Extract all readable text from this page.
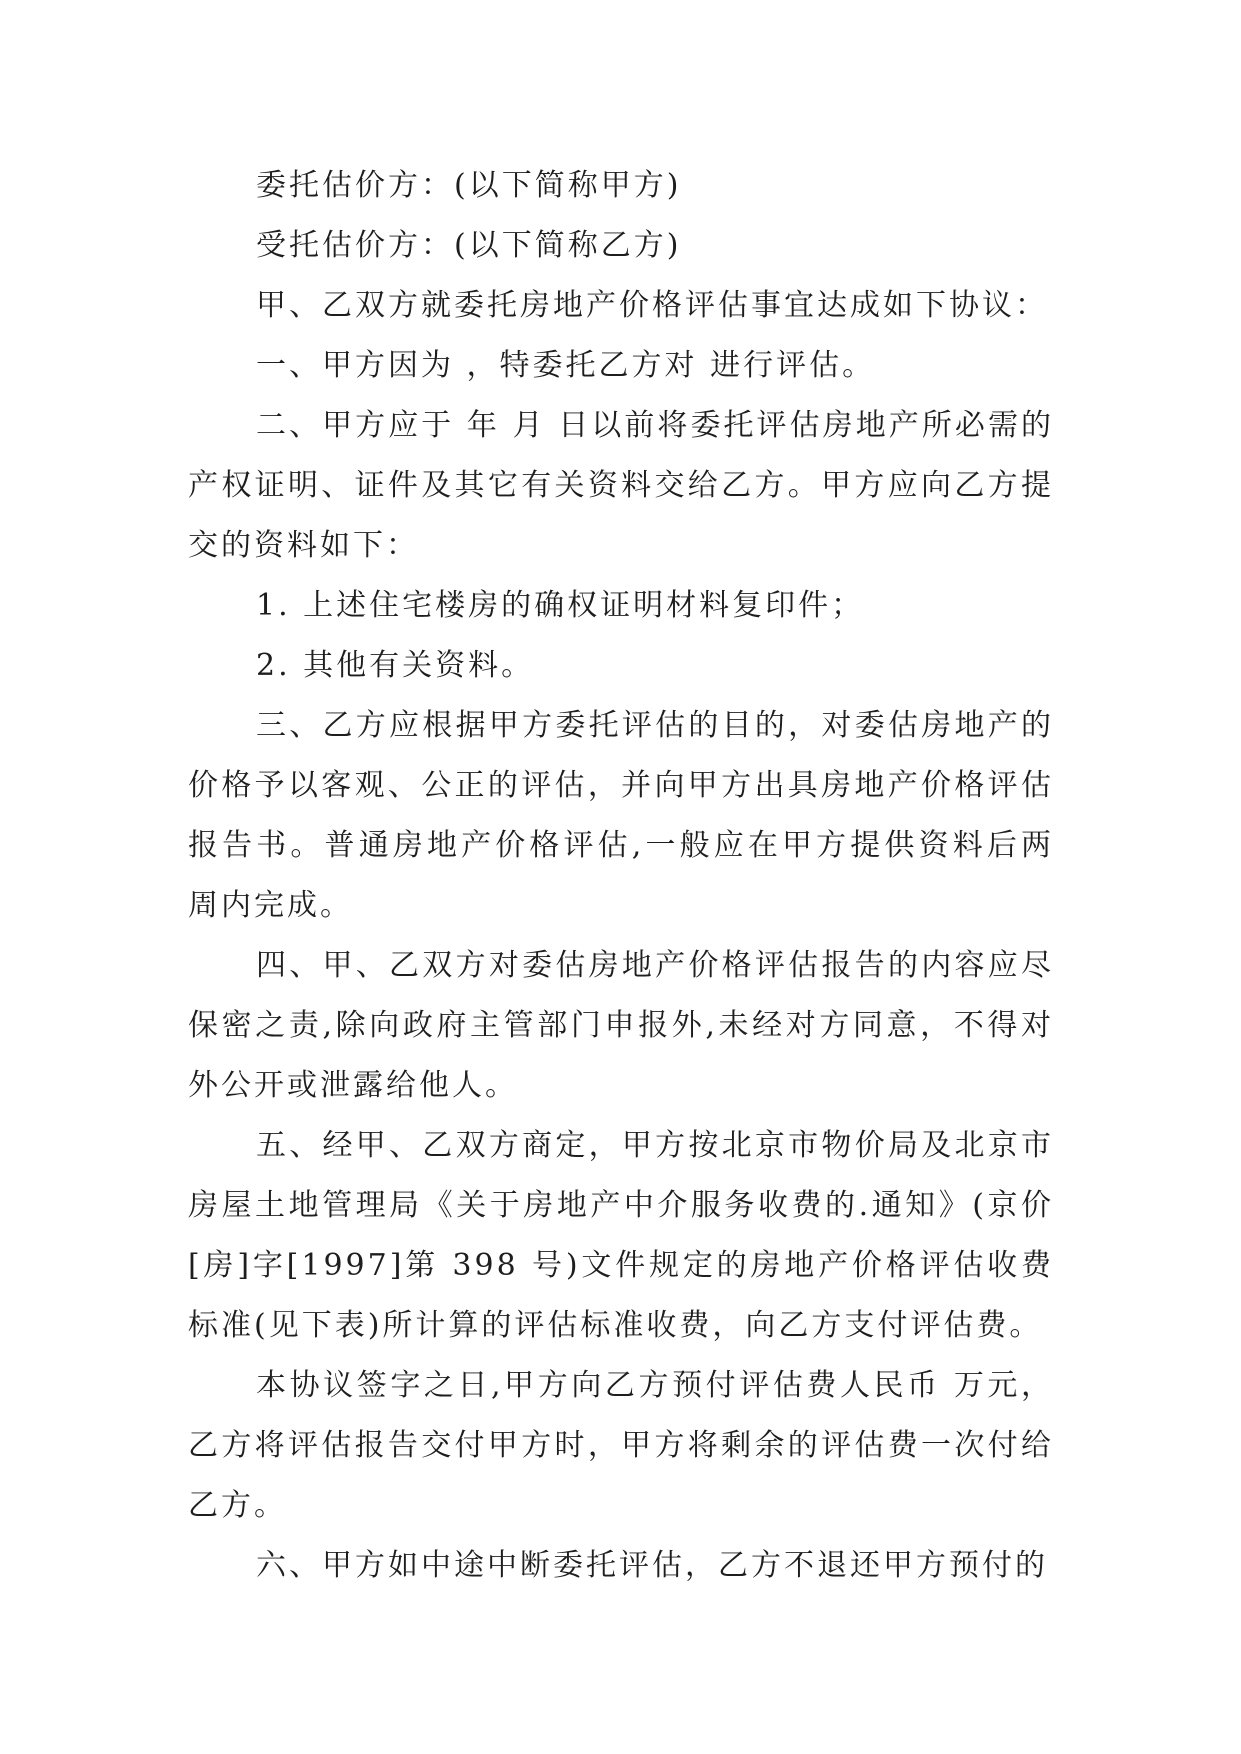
委托估价方：(以下简称甲方)

受托估价方：(以下简称乙方)

甲、乙双方就委托房地产价格评估事宜达成如下协议：

一、甲方因为 ，特委托乙方对 进行评估。

二、甲方应于 年 月 日以前将委托评估房地产所必需的产权证明、证件及其它有关资料交给乙方。甲方应向乙方提交的资料如下：

1. 上述住宅楼房的确权证明材料复印件；

2. 其他有关资料。

三、乙方应根据甲方委托评估的目的，对委估房地产的价格予以客观、公正的评估，并向甲方出具房地产价格评估报告书。普通房地产价格评估,一般应在甲方提供资料后两周内完成。

四、甲、乙双方对委估房地产价格评估报告的内容应尽保密之责,除向政府主管部门申报外,未经对方同意，不得对外公开或泄露给他人。

五、经甲、乙双方商定，甲方按北京市物价局及北京市房屋土地管理局《关于房地产中介服务收费的.通知》(京价[房]字[1997]第 398 号)文件规定的房地产价格评估收费标准(见下表)所计算的评估标准收费，向乙方支付评估费。

本协议签字之日,甲方向乙方预付评估费人民币 万元，乙方将评估报告交付甲方时，甲方将剩余的评估费一次付给乙方。

六、甲方如中途中断委托评估，乙方不退还甲方预付的
